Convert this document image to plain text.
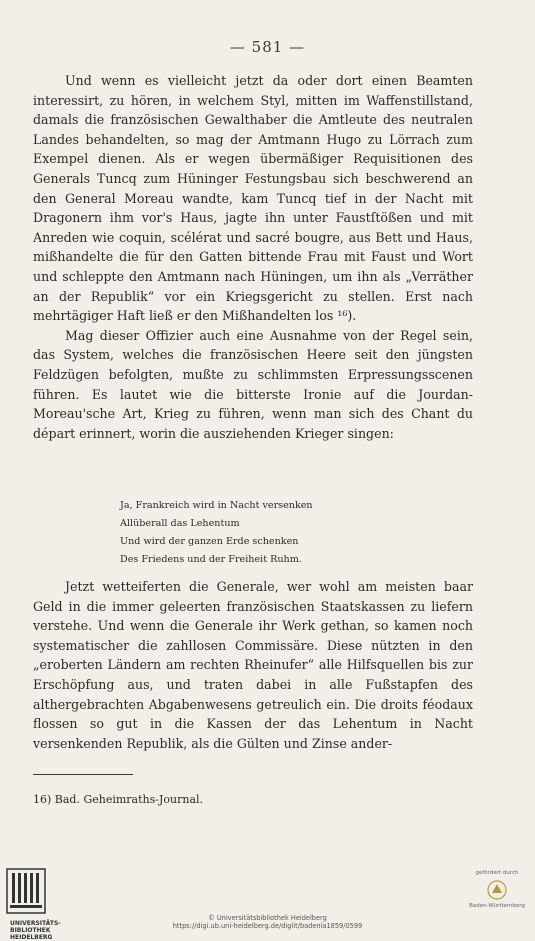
— 581 —

Und wenn es vielleicht jetzt da oder dort einen Beamten interessirt, zu hören, in welchem Styl, mitten im Waffenstillstand, damals die französischen Gewalthaber die Amtleute des neutralen Landes behandelten, so mag der Amtmann Hugo zu Lörrach zum Exempel dienen. Als er wegen übermäßiger Requisitionen des Generals Tuncq zum Hüninger Festungsbau sich beschwerend an den General Moreau wandte, kam Tuncq tief in der Nacht mit Dragonern ihm vor's Haus, jagte ihn unter Faustſtößen und mit Anreden wie coquin, scélérat und sacré bougre, aus Bett und Haus, mißhandelte die für den Gatten bittende Frau mit Faust und Wort und schleppte den Amtmann nach Hüningen, um ihn als „Verräther an der Republik“ vor ein Kriegsgericht zu stellen. Erst nach mehrtägiger Haft ließ er den Mißhandelten los ¹⁶).

Mag dieser Offizier auch eine Ausnahme von der Regel sein, das System, welches die französischen Heere seit den jüngsten Feldzügen befolgten, mußte zu schlimmsten Erpressungsscenen führen. Es lautet wie die bitterste Ironie auf die Jourdan-Moreau'sche Art, Krieg zu führen, wenn man sich des Chant du départ erinnert, worin die ausziehenden Krieger singen:

Ja, Frankreich wird in Nacht versenken
Allüberall das Lehentum
Und wird der ganzen Erde schenken
Des Friedens und der Freiheit Ruhm.

Jetzt wetteiferten die Generale, wer wohl am meisten baar Geld in die immer geleerten französischen Staatskassen zu liefern verstehe. Und wenn die Generale ihr Werk gethan, so kamen noch systematischer die zahllosen Commissäre. Diese nützten in den „eroberten Ländern am rechten Rheinufer“ alle Hilfsquellen bis zur Erschöpfung aus, und traten dabei in alle Fußstapfen des althergebrachten Abgabenwesens getreulich ein. Die droits féodaux flossen so gut in die Kassen der das Lehentum in Nacht versenkenden Republik, als die Gülten und Zinse ander-

16) Bad. Geheimraths-Journal.
UNIVERSITÄTS-
BIBLIOTHEK
HEIDELBERG
© Universitätsbibliothek Heidelberg
https://digi.ub.uni-heidelberg.de/diglit/badenia1859/0599
gefördert durch
Baden-Württemberg
